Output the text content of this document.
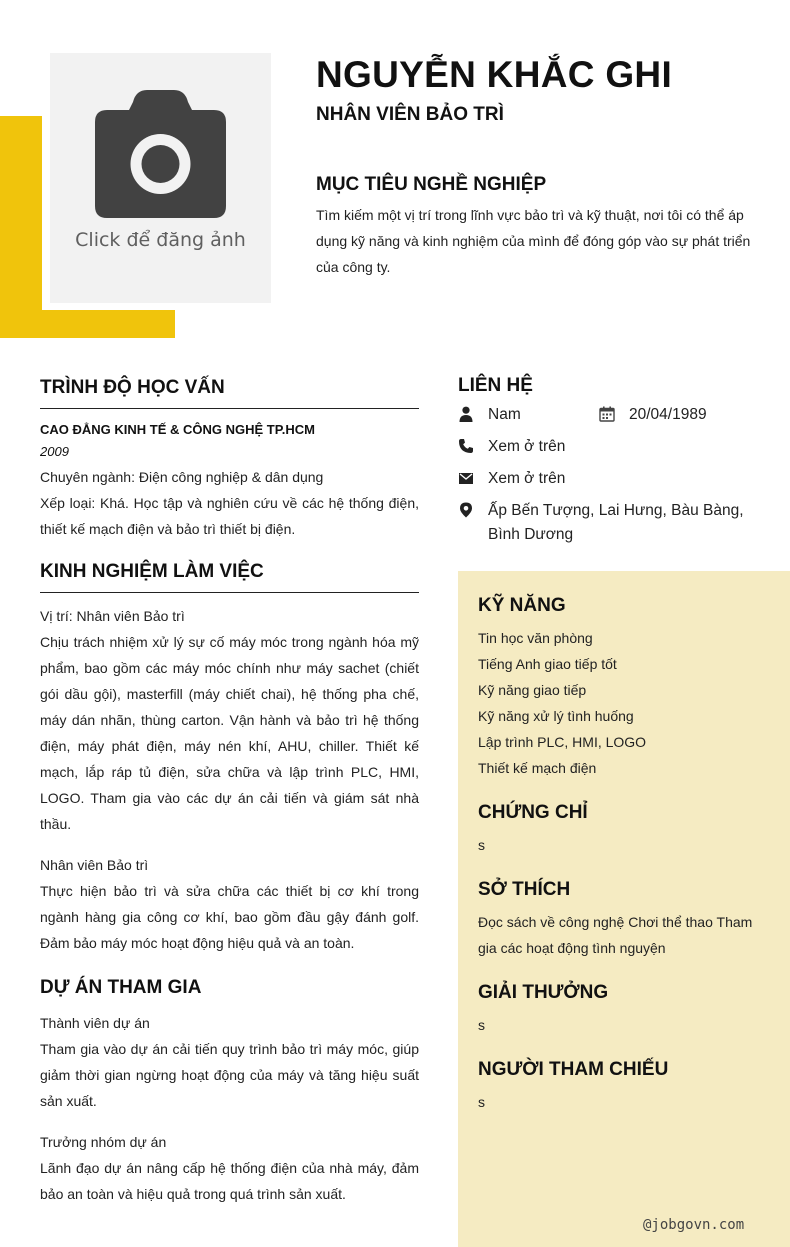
Click để đăng ảnh
NGUYỄN KHẮC GHI
NHÂN VIÊN BẢO TRÌ
MỤC TIÊU NGHỀ NGHIỆP
Tìm kiếm một vị trí trong lĩnh vực bảo trì và kỹ thuật, nơi tôi có thể áp dụng kỹ năng và kinh nghiệm của mình để đóng góp vào sự phát triển của công ty.
TRÌNH ĐỘ HỌC VẤN
CAO ĐẲNG KINH TẾ & CÔNG NGHỆ TP.HCM
2009
Chuyên ngành: Điện công nghiệp & dân dụng
Xếp loại: Khá. Học tập và nghiên cứu về các hệ thống điện, thiết kế mạch điện và bảo trì thiết bị điện.
KINH NGHIỆM LÀM VIỆC
Vị trí: Nhân viên Bảo trì
Chịu trách nhiệm xử lý sự cố máy móc trong ngành hóa mỹ phẩm, bao gồm các máy móc chính như máy sachet (chiết gói dầu gội), masterfill (máy chiết chai), hệ thống pha chế, máy dán nhãn, thùng carton. Vận hành và bảo trì hệ thống điện, máy phát điện, máy nén khí, AHU, chiller. Thiết kế mạch, lắp ráp tủ điện, sửa chữa và lập trình PLC, HMI, LOGO. Tham gia vào các dự án cải tiến và giám sát nhà thầu.
Nhân viên Bảo trì
Thực hiện bảo trì và sửa chữa các thiết bị cơ khí trong ngành hàng gia công cơ khí, bao gồm đầu gậy đánh golf. Đảm bảo máy móc hoạt động hiệu quả và an toàn.
DỰ ÁN THAM GIA
Thành viên dự án
Tham gia vào dự án cải tiến quy trình bảo trì máy móc, giúp giảm thời gian ngừng hoạt động của máy và tăng hiệu suất sản xuất.
Trưởng nhóm dự án
Lãnh đạo dự án nâng cấp hệ thống điện của nhà máy, đảm bảo an toàn và hiệu quả trong quá trình sản xuất.
LIÊN HỆ
Nam	20/04/1989
Xem ở trên
Xem ở trên
Ấp Bến Tượng, Lai Hưng, Bàu Bàng, Bình Dương
KỸ NĂNG
Tin học văn phòng
Tiếng Anh giao tiếp tốt
Kỹ năng giao tiếp
Kỹ năng xử lý tình huống
Lập trình PLC, HMI, LOGO
Thiết kế mạch điện
CHỨNG CHỈ
s
SỞ THÍCH
Đọc sách về công nghệ Chơi thể thao Tham gia các hoạt động tình nguyện
GIẢI THƯỞNG
s
NGƯỜI THAM CHIẾU
s
@jobgovn.com
